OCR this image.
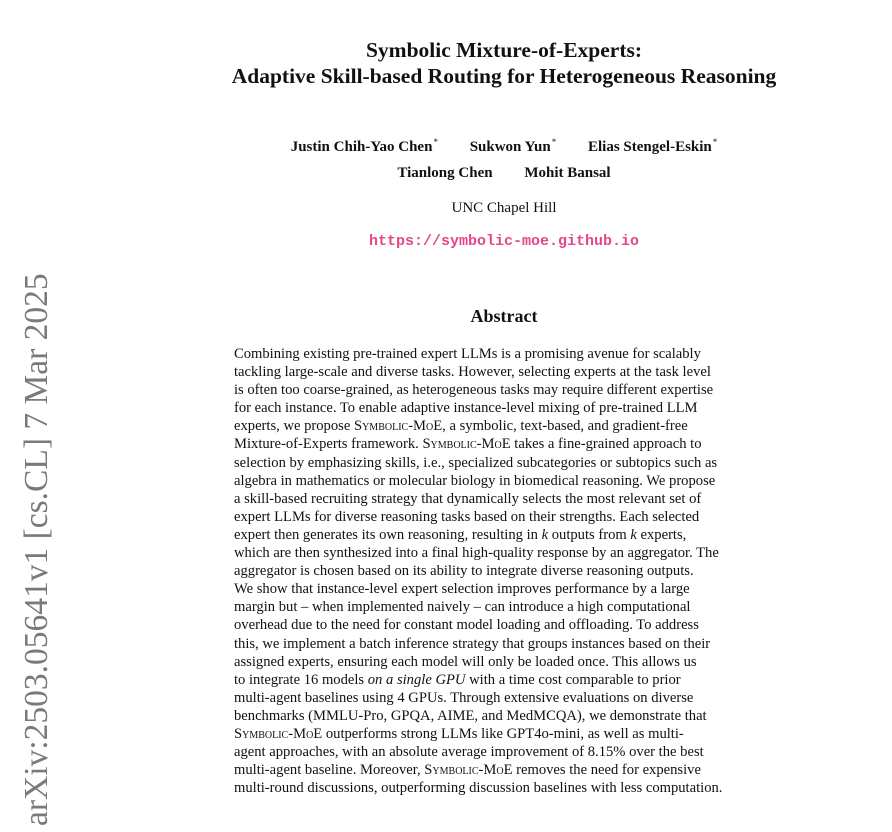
arXiv:2503.05641v1 [cs.CL] 7 Mar 2025
Symbolic Mixture-of-Experts:
Adaptive Skill-based Routing for Heterogeneous Reasoning
Justin Chih-Yao Chen* Sukwon Yun* Elias Stengel-Eskin*
Tianlong Chen Mohit Bansal
UNC Chapel Hill
https://symbolic-moe.github.io
Abstract
Combining existing pre-trained expert LLMs is a promising avenue for scalably
tackling large-scale and diverse tasks. However, selecting experts at the task level
is often too coarse-grained, as heterogeneous tasks may require different expertise
for each instance. To enable adaptive instance-level mixing of pre-trained LLM
experts, we propose Symbolic-MoE, a symbolic, text-based, and gradient-free
Mixture-of-Experts framework. Symbolic-MoE takes a fine-grained approach to
selection by emphasizing skills, i.e., specialized subcategories or subtopics such as
algebra in mathematics or molecular biology in biomedical reasoning. We propose
a skill-based recruiting strategy that dynamically selects the most relevant set of
expert LLMs for diverse reasoning tasks based on their strengths. Each selected
expert then generates its own reasoning, resulting in k outputs from k experts,
which are then synthesized into a final high-quality response by an aggregator. The
aggregator is chosen based on its ability to integrate diverse reasoning outputs.
We show that instance-level expert selection improves performance by a large
margin but – when implemented naively – can introduce a high computational
overhead due to the need for constant model loading and offloading. To address
this, we implement a batch inference strategy that groups instances based on their
assigned experts, ensuring each model will only be loaded once. This allows us
to integrate 16 models on a single GPU with a time cost comparable to prior
multi-agent baselines using 4 GPUs. Through extensive evaluations on diverse
benchmarks (MMLU-Pro, GPQA, AIME, and MedMCQA), we demonstrate that
Symbolic-MoE outperforms strong LLMs like GPT4o-mini, as well as multi-
agent approaches, with an absolute average improvement of 8.15% over the best
multi-agent baseline. Moreover, Symbolic-MoE removes the need for expensive
multi-round discussions, outperforming discussion baselines with less computation.
